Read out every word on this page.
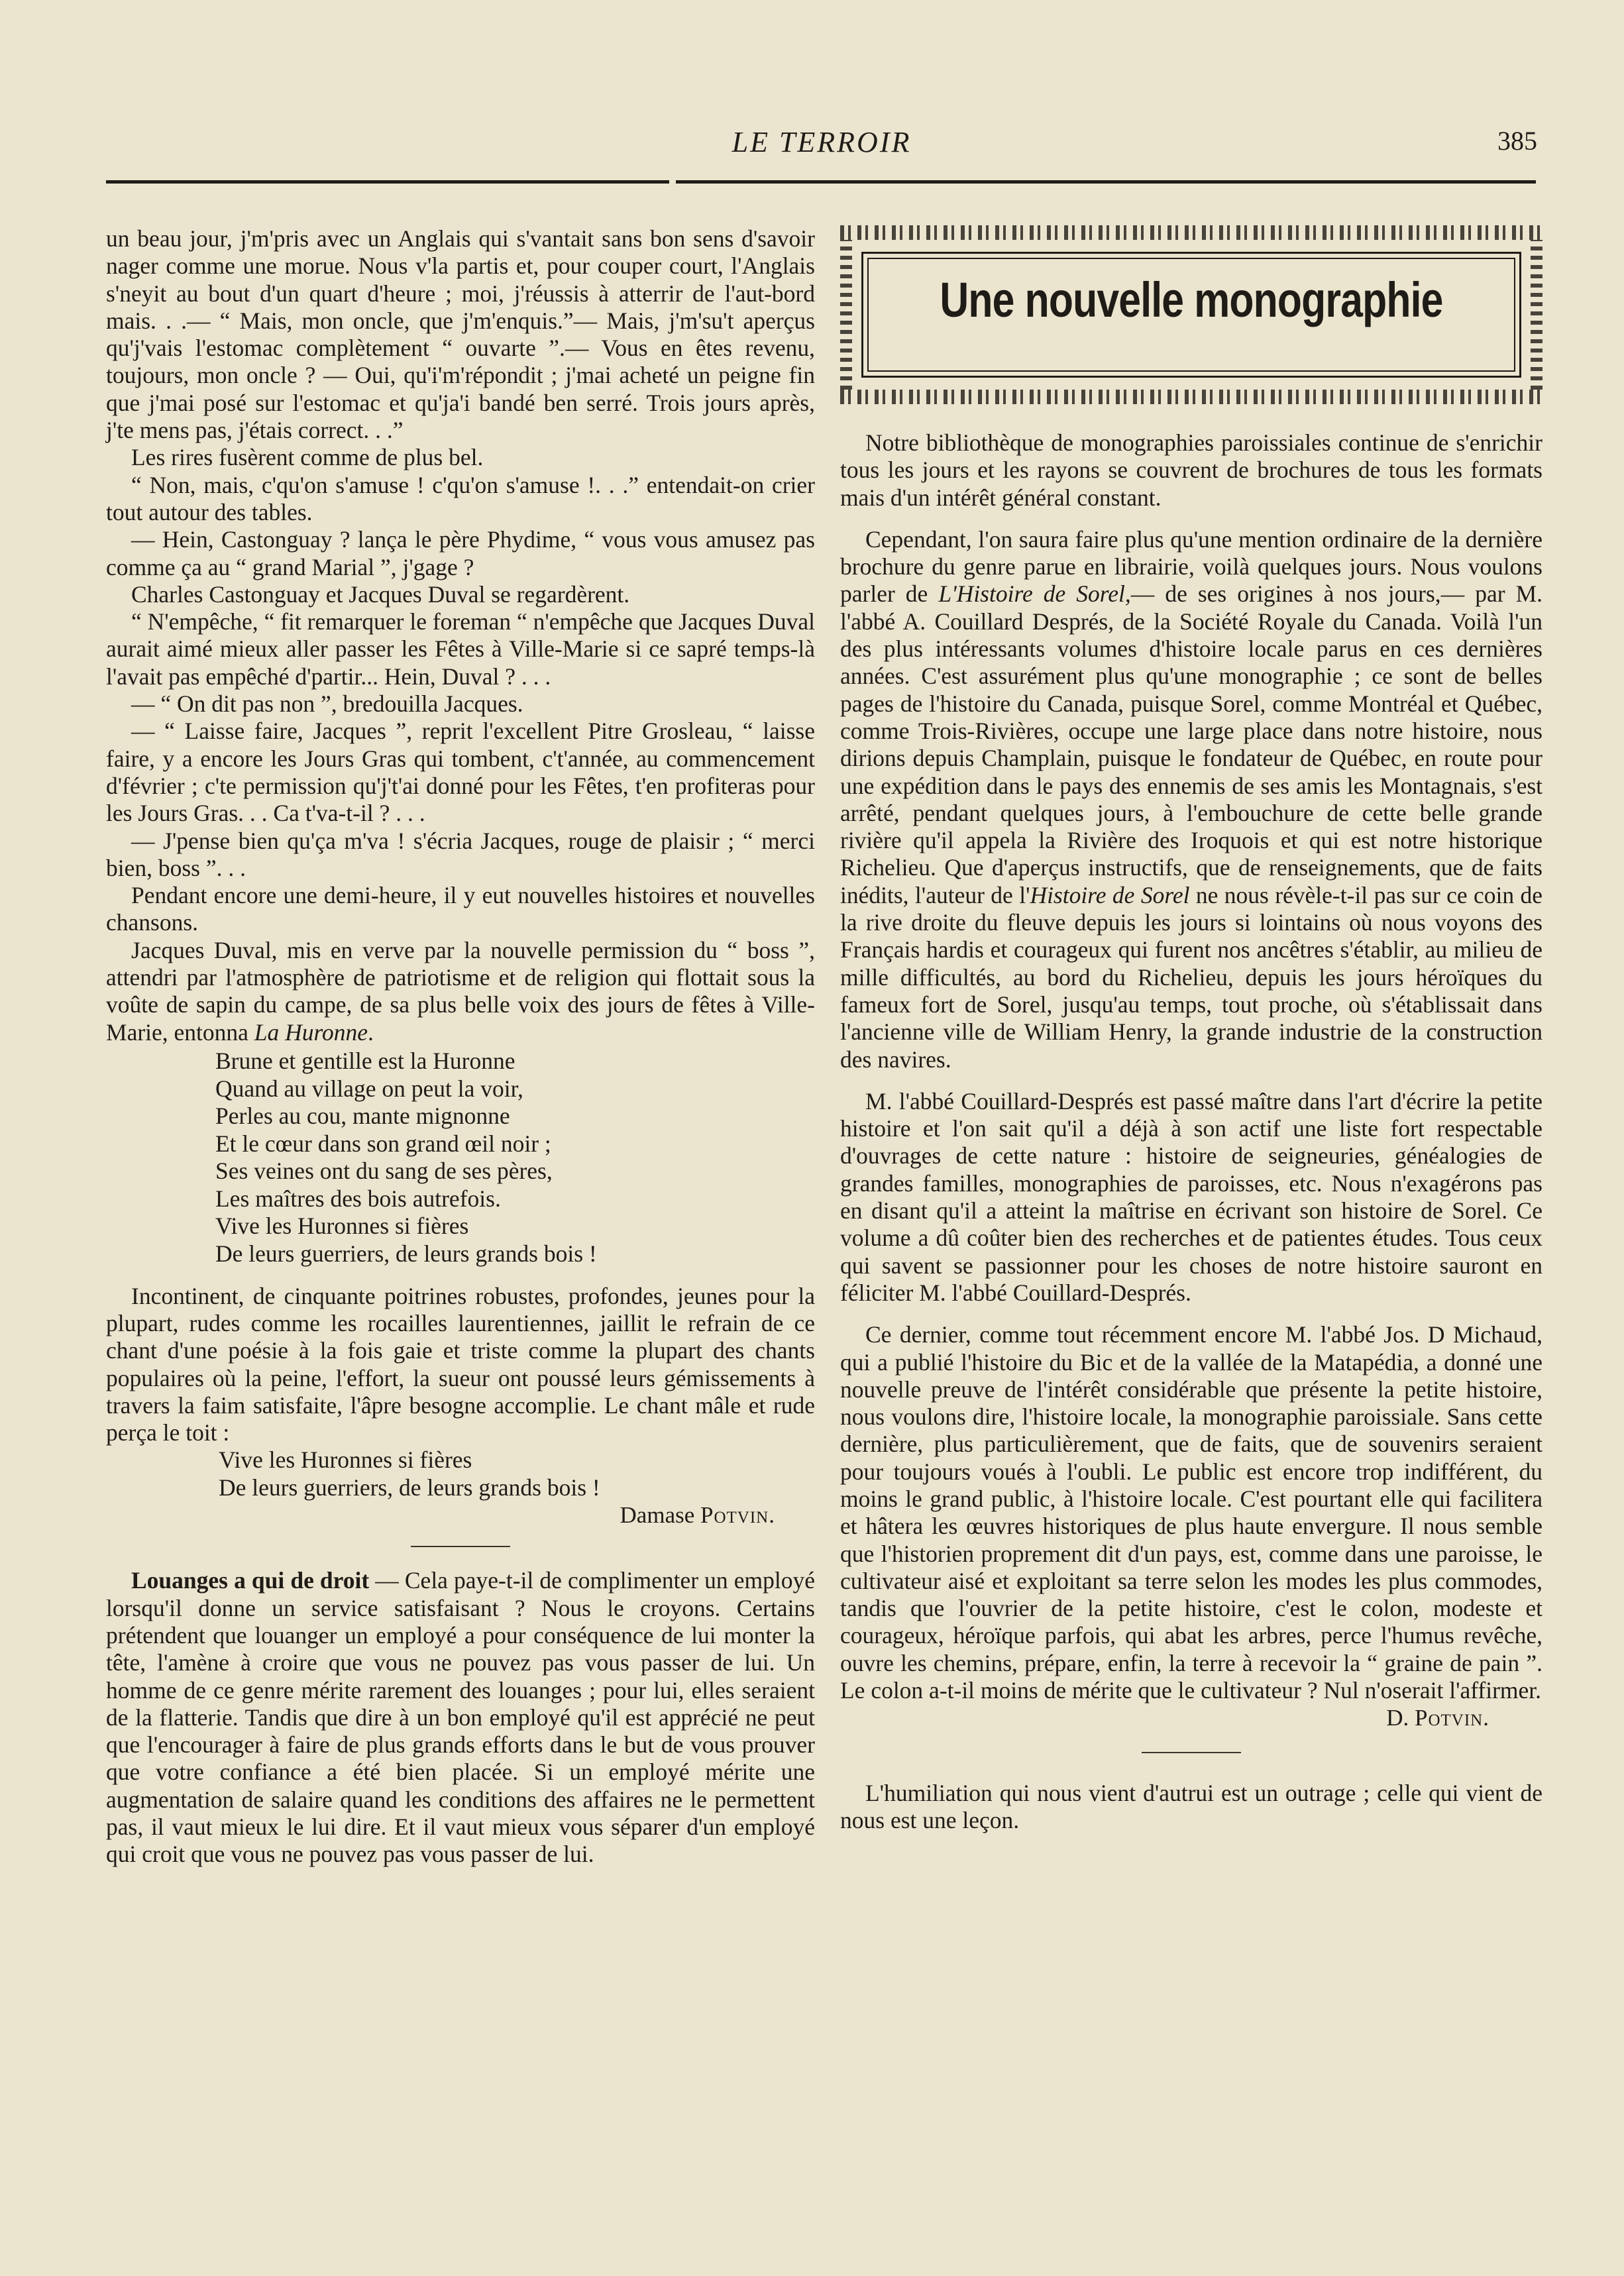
LE TERROIR	385

un beau jour, j'm'pris avec un Anglais qui s'vantait sans bon sens d'savoir nager comme une morue. Nous v'la partis et, pour couper court, l'Anglais s'neyit au bout d'un quart d'heure ; moi, j'réussis à atterrir de l'aut-bord mais. . .— “ Mais, mon oncle, que j'm'enquis.”— Mais, j'm'su't aperçus qu'j'vais l'estomac complètement “ ouvarte ”.— Vous en êtes revenu, toujours, mon oncle ? — Oui, qu'i'm'répondit ; j'mai acheté un peigne fin que j'mai posé sur l'estomac et qu'ja'i bandé ben serré. Trois jours après, j'te mens pas, j'étais correct. . .”

Les rires fusèrent comme de plus bel.

“ Non, mais, c'qu'on s'amuse ! c'qu'on s'amuse !. . .” entendait-on crier tout autour des tables.

— Hein, Castonguay ? lança le père Phydime, “ vous vous amusez pas comme ça au “ grand Marial ”, j'gage ?

Charles Castonguay et Jacques Duval se regardèrent.

“ N'empêche, “ fit remarquer le foreman “ n'empêche que Jacques Duval aurait aimé mieux aller passer les Fêtes à Ville-Marie si ce sapré temps-là l'avait pas empêché d'partir... Hein, Duval ? . . .

— “ On dit pas non ”, bredouilla Jacques.

— “ Laisse faire, Jacques ”, reprit l'excellent Pitre Grosleau, “ laisse faire, y a encore les Jours Gras qui tombent, c't'année, au commencement d'février ; c'te permission qu'j't'ai donné pour les Fêtes, t'en profiteras pour les Jours Gras. . . Ca t'va-t-il ? . . .

— J'pense bien qu'ça m'va ! s'écria Jacques, rouge de plaisir ; “ merci bien, boss ”. . .

Pendant encore une demi-heure, il y eut nouvelles histoires et nouvelles chansons.

Jacques Duval, mis en verve par la nouvelle permission du “ boss ”, attendri par l'atmosphère de patriotisme et de religion qui flottait sous la voûte de sapin du campe, de sa plus belle voix des jours de fêtes à Ville-Marie, entonna La Huronne.

Brune et gentille est la Huronne
Quand au village on peut la voir,
Perles au cou, mante mignonne
Et le cœur dans son grand œil noir ;
Ses veines ont du sang de ses pères,
Les maîtres des bois autrefois.
Vive les Huronnes si fières
De leurs guerriers, de leurs grands bois !

Incontinent, de cinquante poitrines robustes, profondes, jeunes pour la plupart, rudes comme les rocailles laurentiennes, jaillit le refrain de ce chant d'une poésie à la fois gaie et triste comme la plupart des chants populaires où la peine, l'effort, la sueur ont poussé leurs gémissements à travers la faim satisfaite, l'âpre besogne accomplie. Le chant mâle et rude perça le toit :

Vive les Huronnes si fières
De leurs guerriers, de leurs grands bois !
Damase Potvin.

Louanges a qui de droit — Cela paye-t-il de complimenter un employé lorsqu'il donne un service satisfaisant ? Nous le croyons. Certains prétendent que louanger un employé a pour conséquence de lui monter la tête, l'amène à croire que vous ne pouvez pas vous passer de lui. Un homme de ce genre mérite rarement des louanges ; pour lui, elles seraient de la flatterie. Tandis que dire à un bon employé qu'il est apprécié ne peut que l'encourager à faire de plus grands efforts dans le but de vous prouver que votre confiance a été bien placée. Si un employé mérite une augmentation de salaire quand les conditions des affaires ne le permettent pas, il vaut mieux le lui dire. Et il vaut mieux vous séparer d'un employé qui croit que vous ne pouvez pas vous passer de lui.

Une nouvelle monographie

Notre bibliothèque de monographies paroissiales continue de s'enrichir tous les jours et les rayons se couvrent de brochures de tous les formats mais d'un intérêt général constant.

Cependant, l'on saura faire plus qu'une mention ordinaire de la dernière brochure du genre parue en librairie, voilà quelques jours. Nous voulons parler de L'Histoire de Sorel,— de ses origines à nos jours,— par M. l'abbé A. Couillard Després, de la Société Royale du Canada. Voilà l'un des plus intéressants volumes d'histoire locale parus en ces dernières années. C'est assurément plus qu'une monographie ; ce sont de belles pages de l'histoire du Canada, puisque Sorel, comme Montréal et Québec, comme Trois-Rivières, occupe une large place dans notre histoire, nous dirions depuis Champlain, puisque le fondateur de Québec, en route pour une expédition dans le pays des ennemis de ses amis les Montagnais, s'est arrêté, pendant quelques jours, à l'embouchure de cette belle grande rivière qu'il appela la Rivière des Iroquois et qui est notre historique Richelieu. Que d'aperçus instructifs, que de renseignements, que de faits inédits, l'auteur de l'Histoire de Sorel ne nous révèle-t-il pas sur ce coin de la rive droite du fleuve depuis les jours si lointains où nous voyons des Français hardis et courageux qui furent nos ancêtres s'établir, au milieu de mille difficultés, au bord du Richelieu, depuis les jours héroïques du fameux fort de Sorel, jusqu'au temps, tout proche, où s'établissait dans l'ancienne ville de William Henry, la grande industrie de la construction des navires.

M. l'abbé Couillard-Després est passé maître dans l'art d'écrire la petite histoire et l'on sait qu'il a déjà à son actif une liste fort respectable d'ouvrages de cette nature : histoire de seigneuries, généalogies de grandes familles, monographies de paroisses, etc. Nous n'exagérons pas en disant qu'il a atteint la maîtrise en écrivant son histoire de Sorel. Ce volume a dû coûter bien des recherches et de patientes études. Tous ceux qui savent se passionner pour les choses de notre histoire sauront en féliciter M. l'abbé Couillard-Després.

Ce dernier, comme tout récemment encore M. l'abbé Jos. D Michaud, qui a publié l'histoire du Bic et de la vallée de la Matapédia, a donné une nouvelle preuve de l'intérêt considérable que présente la petite histoire, nous voulons dire, l'histoire locale, la monographie paroissiale. Sans cette dernière, plus particulièrement, que de faits, que de souvenirs seraient pour toujours voués à l'oubli. Le public est encore trop indifférent, du moins le grand public, à l'histoire locale. C'est pourtant elle qui facilitera et hâtera les œuvres historiques de plus haute envergure. Il nous semble que l'historien proprement dit d'un pays, est, comme dans une paroisse, le cultivateur aisé et exploitant sa terre selon les modes les plus commodes, tandis que l'ouvrier de la petite histoire, c'est le colon, modeste et courageux, héroïque parfois, qui abat les arbres, perce l'humus revêche, ouvre les chemins, prépare, enfin, la terre à recevoir la “ graine de pain ”. Le colon a-t-il moins de mérite que le cultivateur ? Nul n'oserait l'affirmer.

D. Potvin.

L'humiliation qui nous vient d'autrui est un outrage ; celle qui vient de nous est une leçon.
